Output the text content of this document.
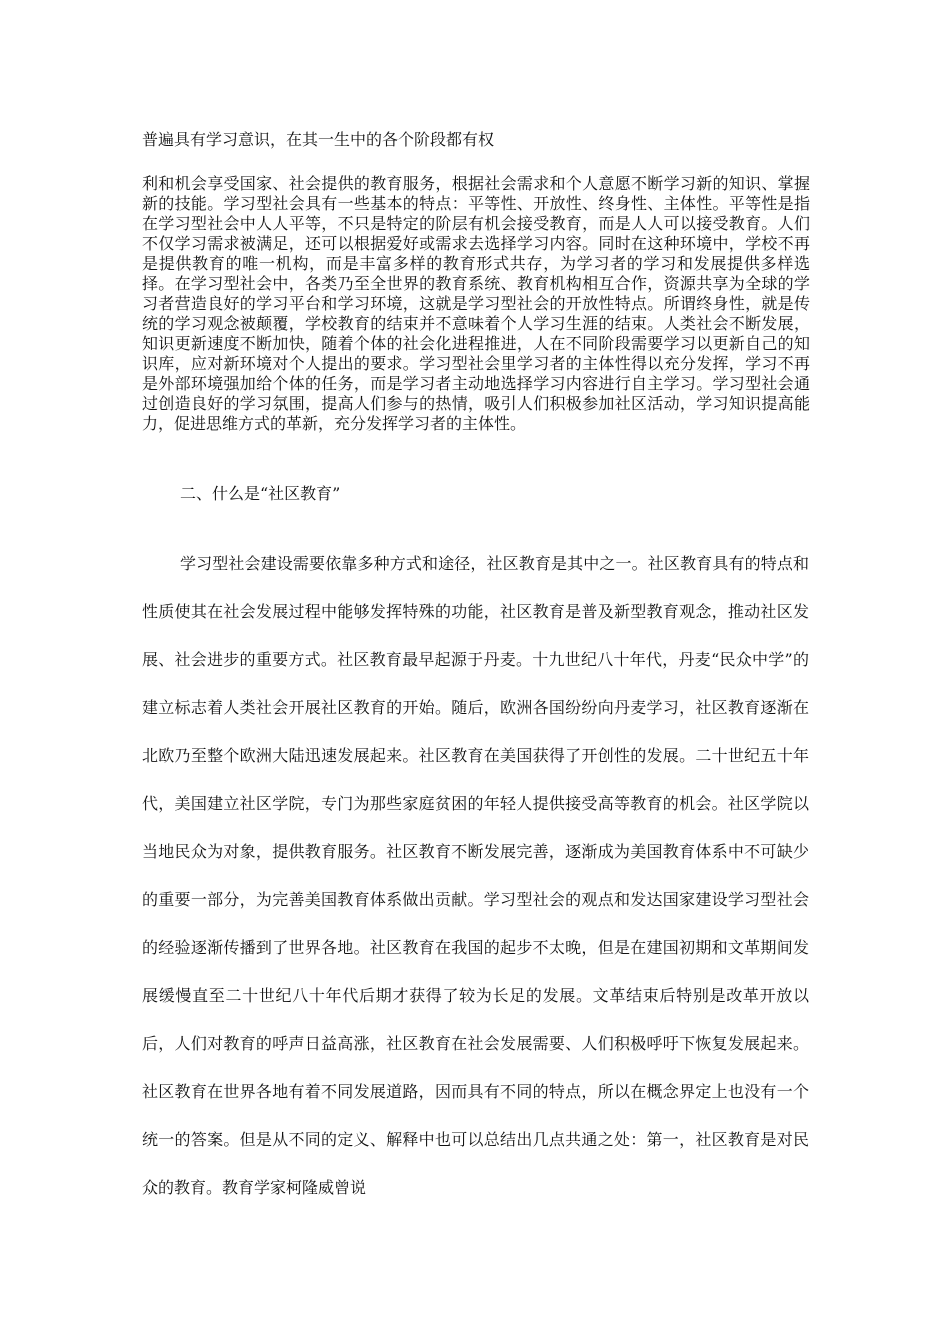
普遍具有学习意识，在其一生中的各个阶段都有权
利和机会享受国家、社会提供的教育服务，根据社会需求和个人意愿不断学习新的知识、掌握新的技能。学习型社会具有一些基本的特点：平等性、开放性、终身性、主体性。平等性是指在学习型社会中人人平等，不只是特定的阶层有机会接受教育，而是人人可以接受教育。人们不仅学习需求被满足，还可以根据爱好或需求去选择学习内容。同时在这种环境中，学校不再是提供教育的唯一机构，而是丰富多样的教育形式共存，为学习者的学习和发展提供多样选择。在学习型社会中，各类乃至全世界的教育系统、教育机构相互合作，资源共享为全球的学习者营造良好的学习平台和学习环境，这就是学习型社会的开放性特点。所谓终身性，就是传统的学习观念被颠覆，学校教育的结束并不意味着个人学习生涯的结束。人类社会不断发展，知识更新速度不断加快，随着个体的社会化进程推进，人在不同阶段需要学习以更新自己的知识库，应对新环境对个人提出的要求。学习型社会里学习者的主体性得以充分发挥，学习不再是外部环境强加给个体的任务，而是学习者主动地选择学习内容进行自主学习。学习型社会通过创造良好的学习氛围，提高人们参与的热情，吸引人们积极参加社区活动，学习知识提高能力，促进思维方式的革新，充分发挥学习者的主体性。
二、什么是“社区教育”
学习型社会建设需要依靠多种方式和途径，社区教育是其中之一。社区教育具有的特点和性质使其在社会发展过程中能够发挥特殊的功能，社区教育是普及新型教育观念，推动社区发展、社会进步的重要方式。社区教育最早起源于丹麦。十九世纪八十年代，丹麦“民众中学”的建立标志着人类社会开展社区教育的开始。随后，欧洲各国纷纷向丹麦学习，社区教育逐渐在北欧乃至整个欧洲大陆迅速发展起来。社区教育在美国获得了开创性的发展。二十世纪五十年代，美国建立社区学院，专门为那些家庭贫困的年轻人提供接受高等教育的机会。社区学院以当地民众为对象，提供教育服务。社区教育不断发展完善，逐渐成为美国教育体系中不可缺少的重要一部分，为完善美国教育体系做出贡献。学习型社会的观点和发达国家建设学习型社会的经验逐渐传播到了世界各地。社区教育在我国的起步不太晚，但是在建国初期和文革期间发展缓慢直至二十世纪八十年代后期才获得了较为长足的发展。文革结束后特别是改革开放以后，人们对教育的呼声日益高涨，社区教育在社会发展需要、人们积极呼吁下恢复发展起来。社区教育在世界各地有着不同发展道路，因而具有不同的特点，所以在概念界定上也没有一个统一的答案。但是从不同的定义、解释中也可以总结出几点共通之处：第一，社区教育是对民众的教育。教育学家柯隆威曾说
